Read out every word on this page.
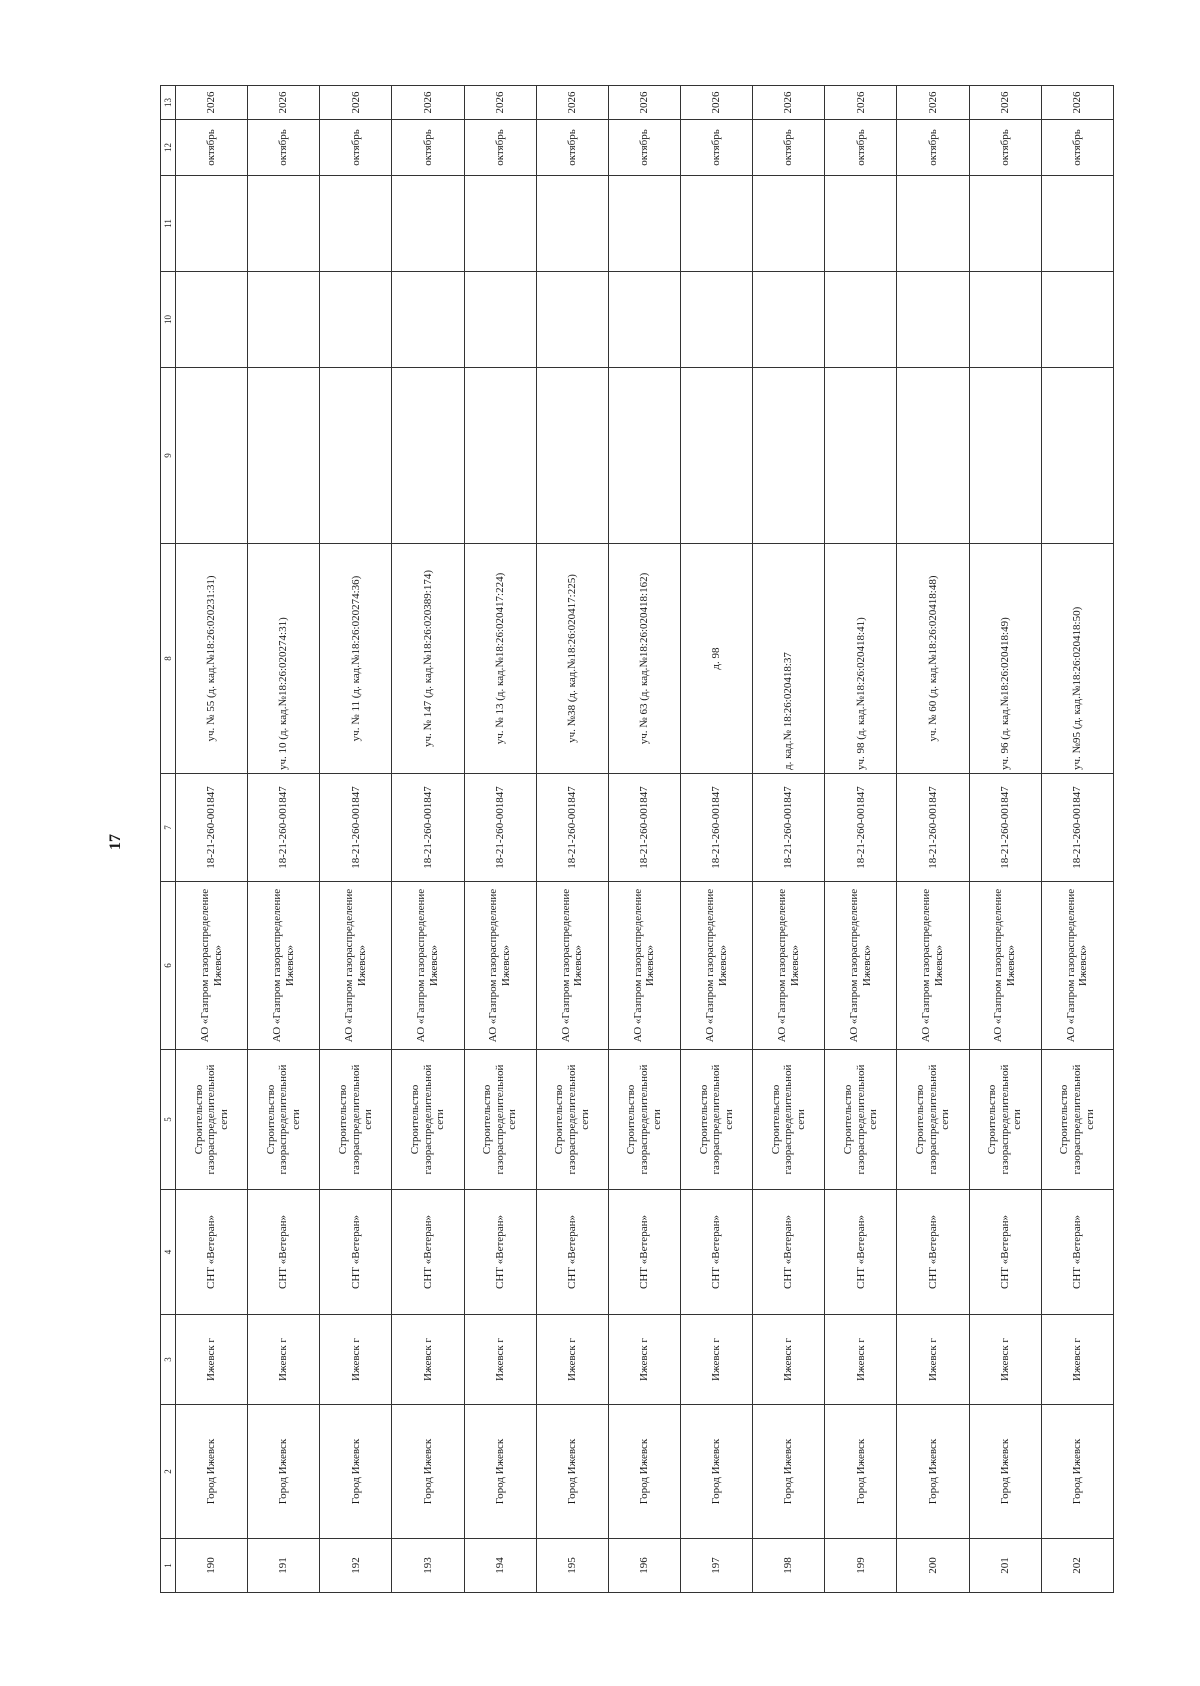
17
1	2	3	4	5	6	7	8	9	10	11	12	13
190	Город Ижевск	Ижевск г	СНТ «Ветеран»	Строительство газораспределительной сети	АО «Газпром газораспределение Ижевск»	18-21-260-001847	уч. № 55 (д. кад.№18:26:020231:31)				октябрь	2026
191	Город Ижевск	Ижевск г	СНТ «Ветеран»	Строительство газораспределительной сети	АО «Газпром газораспределение Ижевск»	18-21-260-001847	уч. 10 (д. кад.№18:26:020274:31)				октябрь	2026
192	Город Ижевск	Ижевск г	СНТ «Ветеран»	Строительство газораспределительной сети	АО «Газпром газораспределение Ижевск»	18-21-260-001847	уч. № 11 (д. кад.№18:26:020274:36)				октябрь	2026
193	Город Ижевск	Ижевск г	СНТ «Ветеран»	Строительство газораспределительной сети	АО «Газпром газораспределение Ижевск»	18-21-260-001847	уч. № 147 (д. кад.№18:26:020389:174)				октябрь	2026
194	Город Ижевск	Ижевск г	СНТ «Ветеран»	Строительство газораспределительной сети	АО «Газпром газораспределение Ижевск»	18-21-260-001847	уч. № 13 (д. кад.№18:26:020417:224)				октябрь	2026
195	Город Ижевск	Ижевск г	СНТ «Ветеран»	Строительство газораспределительной сети	АО «Газпром газораспределение Ижевск»	18-21-260-001847	уч. №38 (д. кад.№18:26:020417:225)				октябрь	2026
196	Город Ижевск	Ижевск г	СНТ «Ветеран»	Строительство газораспределительной сети	АО «Газпром газораспределение Ижевск»	18-21-260-001847	уч. № 63 (д. кад.№18:26:020418:162)				октябрь	2026
197	Город Ижевск	Ижевск г	СНТ «Ветеран»	Строительство газораспределительной сети	АО «Газпром газораспределение Ижевск»	18-21-260-001847	д. 98				октябрь	2026
198	Город Ижевск	Ижевск г	СНТ «Ветеран»	Строительство газораспределительной сети	АО «Газпром газораспределение Ижевск»	18-21-260-001847	д. кад.№ 18:26:020418:37				октябрь	2026
199	Город Ижевск	Ижевск г	СНТ «Ветеран»	Строительство газораспределительной сети	АО «Газпром газораспределение Ижевск»	18-21-260-001847	уч. 98 (д. кад.№18:26:020418:41)				октябрь	2026
200	Город Ижевск	Ижевск г	СНТ «Ветеран»	Строительство газораспределительной сети	АО «Газпром газораспределение Ижевск»	18-21-260-001847	уч. № 60 (д. кад.№18:26:020418:48)				октябрь	2026
201	Город Ижевск	Ижевск г	СНТ «Ветеран»	Строительство газораспределительной сети	АО «Газпром газораспределение Ижевск»	18-21-260-001847	уч. 96 (д. кад.№18:26:020418:49)				октябрь	2026
202	Город Ижевск	Ижевск г	СНТ «Ветеран»	Строительство газораспределительной сети	АО «Газпром газораспределение Ижевск»	18-21-260-001847	уч. №95 (д. кад.№18:26:020418:50)				октябрь	2026
